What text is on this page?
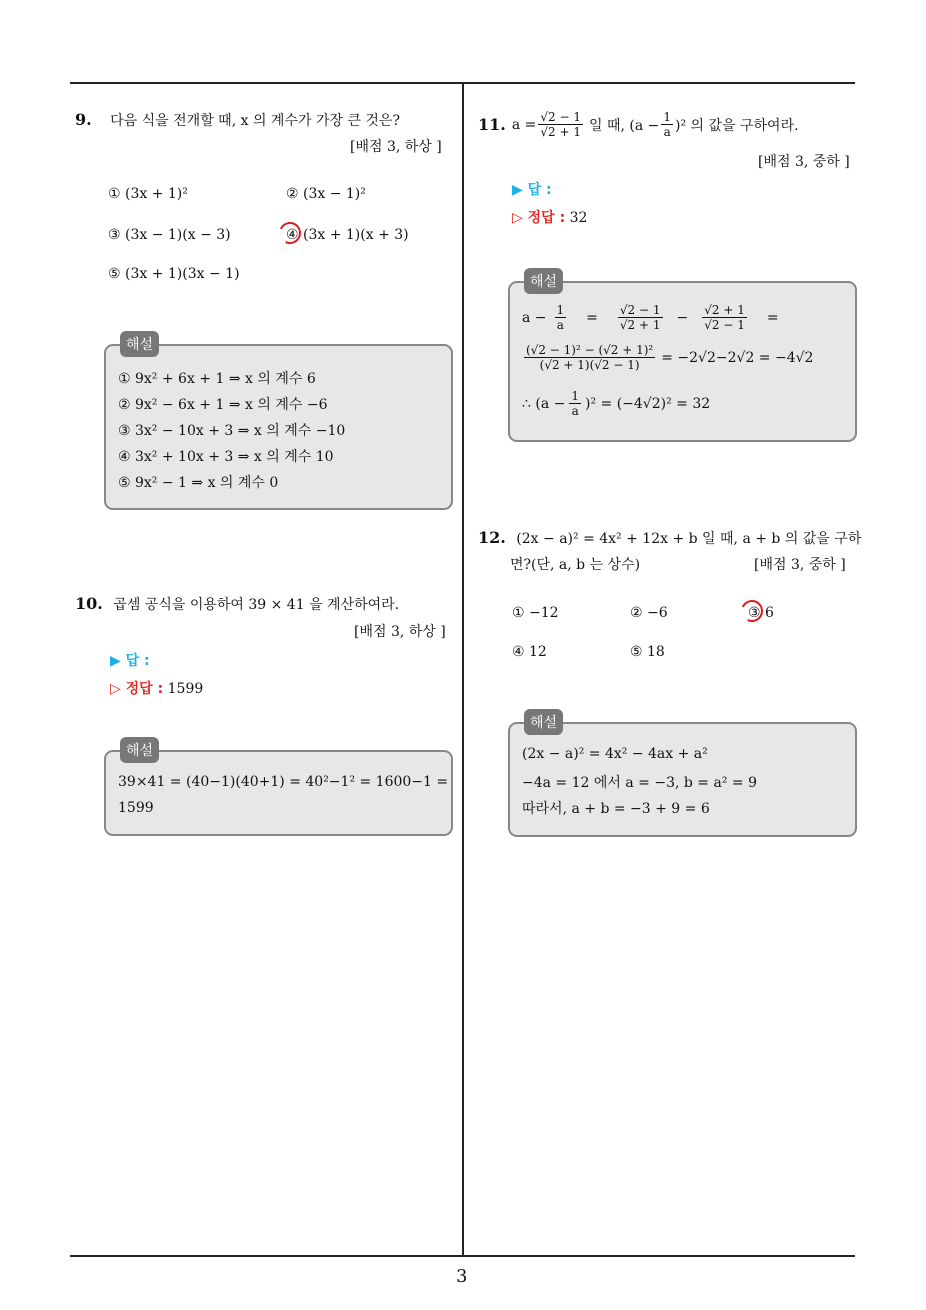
3
9. 다음 식을 전개할 때, x 의 계수가 가장 큰 것은?
[배점 3, 하상 ]
① (3x + 1)²	② (3x − 1)²
③ (3x − 1)(x − 3)	④ (3x + 1)(x + 3)
⑤ (3x + 1)(3x − 1)
해설
① 9x² + 6x + 1 ⇒ x 의 계수 6
② 9x² − 6x + 1 ⇒ x 의 계수 −6
③ 3x² − 10x + 3 ⇒ x 의 계수 −10
④ 3x² + 10x + 3 ⇒ x 의 계수 10
⑤ 9x² − 1 ⇒ x 의 계수 0
10. 곱셈 공식을 이용하여 39 × 41 을 계산하여라.
[배점 3, 하상 ]
▶ 답 :
▷ 정답 : 1599
해설
39×41 = (40−1)(40+1) = 40²−1² = 1600−1 =
1599
11. $a = \frac{√2 - 1}{√2 + 1}$ 일 때, $(a - \frac{1}{a} )^2$ 의 값을 구하여라.
[배점 3, 중하 ]
▶ 답 :
▷ 정답 : 32
해설
$a - \frac{1}{a} = \frac{√2 - 1}{√2 + 1} - \frac{√2 + 1}{√2 - 1}$ =
$\frac{\text{(√2 − 1)² − (√2 + 1)²}}{(√2 + 1)(√2 - 1)} = -2√2-2√2 = -4√2$
∴ $(a - \frac{1}{a} )^2 = (-4√2)^2 = 32$
12. (2x − a)² = 4x² + 12x + b 일 때, a + b 의 값을 구하
면?(단, a, b 는 상수)	[배점 3, 중하 ]
① −12	② −6	③ 6
④ 12	⑤ 18
해설
(2x − a)² = 4x² − 4ax + a²
−4a = 12 에서 a = −3, b = a² = 9
따라서, a + b = −3 + 9 = 6
